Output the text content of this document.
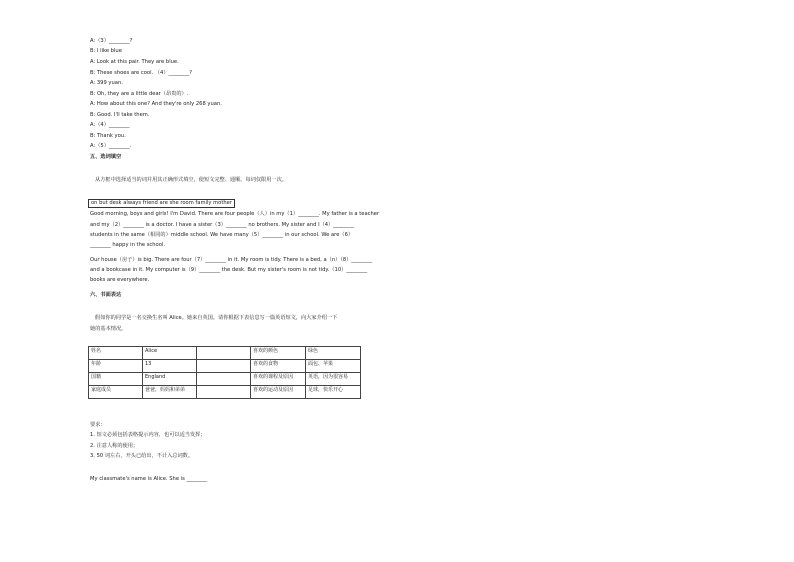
A:（3）________?
B: I like blue
A: Look at this pair. They are blue.
B: These shoes are cool. （4）________?
A: 399 yuan.
B: Oh, they are a little dear（昂贵的）.
A: How about this one? And they're only 268 yuan.
B: Good. I'll take them.
A:（4）________
B: Thank you.
A:（5）________.
五、选词填空
从方框中选择适当的词并用其正确形式填空，使短文完整、通顺。每词仅限用一次。
on but desk always friend are she room family mother
Good morning, boys and girls! I'm David. There are four people（人）in my（1）________. My father is a teacher
and my（2）________ is a doctor. I have a sister（3）________ no brothers. My sister and I（4）________
students in the same（相同的）middle school. We have many（5）________ in our school. We are（6）
________ happy in the school.
Our house（房子）is big. There are four（7）________ in it. My room is tidy. There is a bed, a（n）（8）________
and a bookcase in it. My computer is（9）________ the desk. But my sister's room is not tidy.（10）________
books are everywhere.
六、书面表达
假如你的同学是一名交换生名叫 Alice。她来自英国。请你根据下表信息写一篇英语短文，向大家介绍一下
她的基本情况。
姓名	Alice		喜欢的颜色	绿色
年龄	13		喜欢的食物	面包、苹果
国籍	England		喜欢的课程及原因	英语，因为很容易
家庭成员	爸爸，妈妈和弟弟		喜欢的运动及原因	足球，快乐开心
要求：
1. 短文必须包括表格提示内容，也可以适当发挥；
2. 注意人称的使用；
3. 50 词左右，开头已给出，不计入总词数。
My classmate's name is Alice. She is ________
